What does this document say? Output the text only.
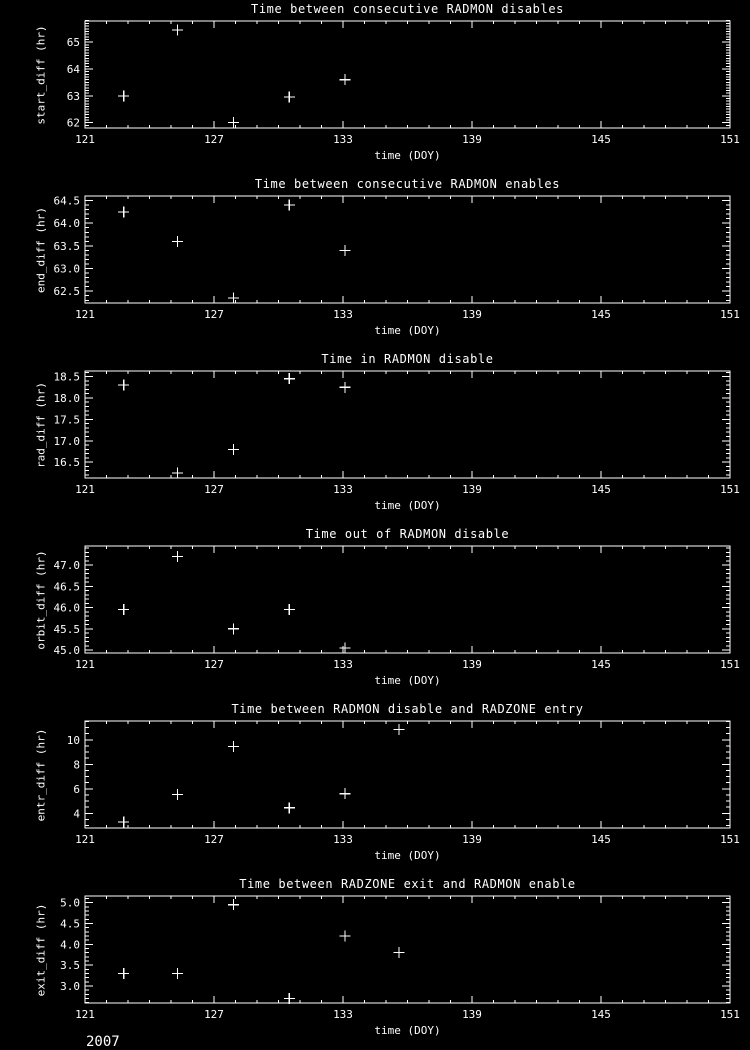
121	127	133	139	145	151
62
63
64
65
Time between consecutive RADMON disables
start_diff (hr)
time (DOY)
121	127	133	139	145	151
62.5
63.0
63.5
64.0
64.5
Time between consecutive RADMON enables
end_diff (hr)
time (DOY)
121	127	133	139	145	151
16.5
17.0
17.5
18.0
18.5
Time in RADMON disable
rad_diff (hr)
time (DOY)
121	127	133	139	145	151
45.0
45.5
46.0
46.5
47.0
Time out of RADMON disable
orbit_diff (hr)
time (DOY)
121	127	133	139	145	151
4
6
8
10
Time between RADMON disable and RADZONE entry
entr_diff (hr)
time (DOY)
121	127	133	139	145	151
3.0
3.5
4.0
4.5
5.0
Time between RADZONE exit and RADMON enable
exit_diff (hr)
time (DOY)
2007
